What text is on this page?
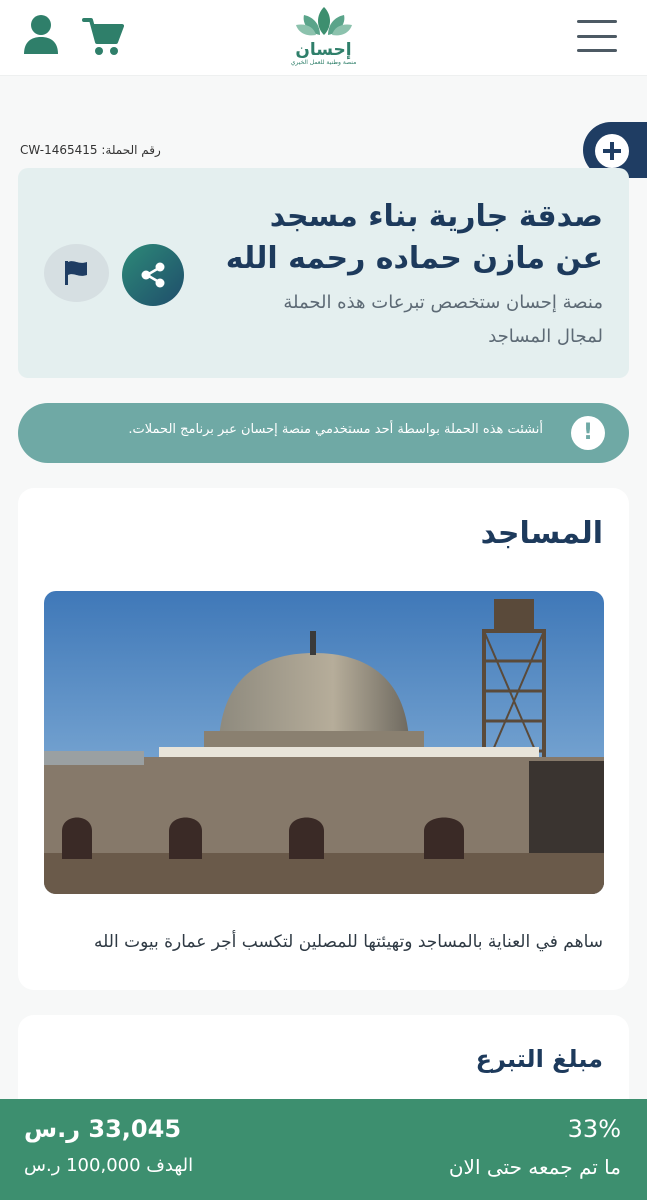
إحسان
منصة وطنية للعمل الخيري
رقم الحملة: CW-1465415
صدقة جارية بناء مسجد
عن مازن حماده رحمه الله
منصة إحسان ستخصص تبرعات هذه الحملة
لمجال المساجد
!
أنشئت هذه الحملة بواسطة أحد مستخدمي منصة إحسان عبر برنامج الحملات.
المساجد
ساهم في العناية بالمساجد وتهيئتها للمصلين لتكسب أجر عمارة بيوت الله
مبلغ التبرع
33%
ما تم جمعه حتى الان
33,045 ر.س
الهدف 100,000 ر.س
